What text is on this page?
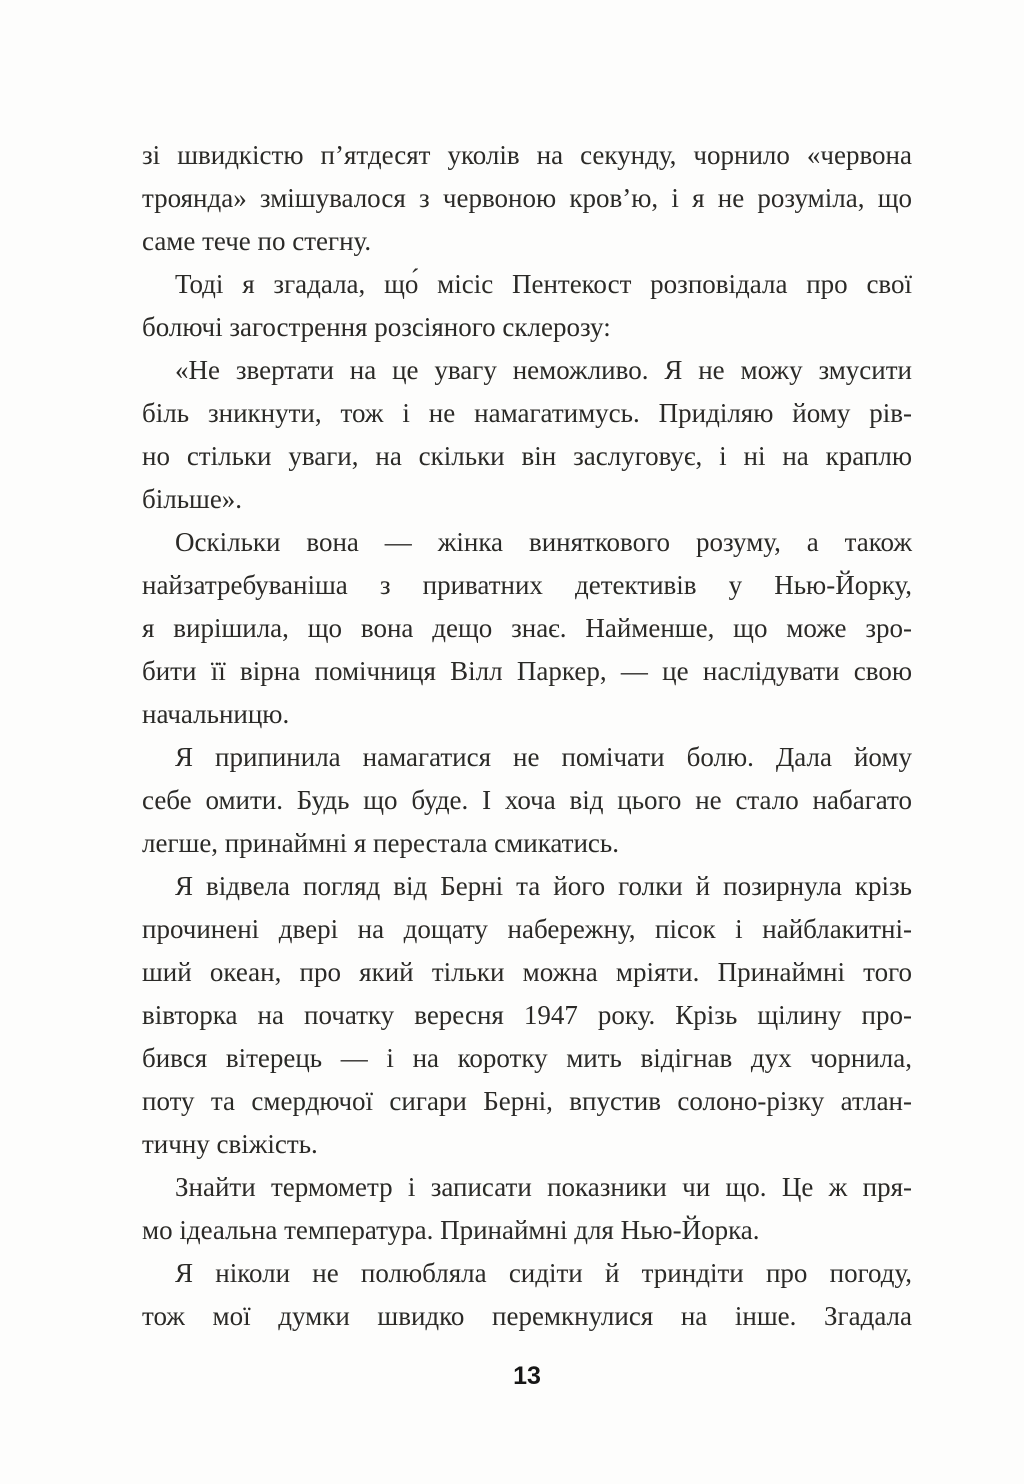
зі швидкістю п’ятдесят уколів на секунду, чорнило «червона
троянда» змішувалося з червоною кров’ю, і я не розуміла, що
саме тече по стегну.
Тоді я згадала, що́ місіс Пентекост розповідала про свої
болючі загострення розсіяного склерозу:
«Не звертати на це увагу неможливо. Я не можу змусити
біль зникнути, тож і не намагатимусь. Приділяю йому рів-
но стільки уваги, на скільки він заслуговує, і ні на краплю
більше».
Оскільки вона — жінка виняткового розуму, а також
найзатребуваніша з приватних детективів у Нью-Йорку,
я вирішила, що вона дещо знає. Найменше, що може зро-
бити її вірна помічниця Вілл Паркер, — це наслідувати свою
начальницю.
Я припинила намагатися не помічати болю. Дала йому
себе омити. Будь що буде. І хоча від цього не стало набагато
легше, принаймні я перестала смикатись.
Я відвела погляд від Берні та його голки й позирнула крізь
прочинені двері на дощату набережну, пісок і найблакитні-
ший океан, про який тільки можна мріяти. Принаймні того
вівторка на початку вересня 1947 року. Крізь щілину про-
бився вітерець — і на коротку мить відігнав дух чорнила,
поту та смердючої сигари Берні, впустив солоно-різку атлан-
тичну свіжість.
Знайти термометр і записати показники чи що. Це ж пря-
мо ідеальна температура. Принаймні для Нью-Йорка.
Я ніколи не полюбляла сидіти й триндіти про погоду,
тож мої думки швидко перемкнулися на інше. Згадала
13
